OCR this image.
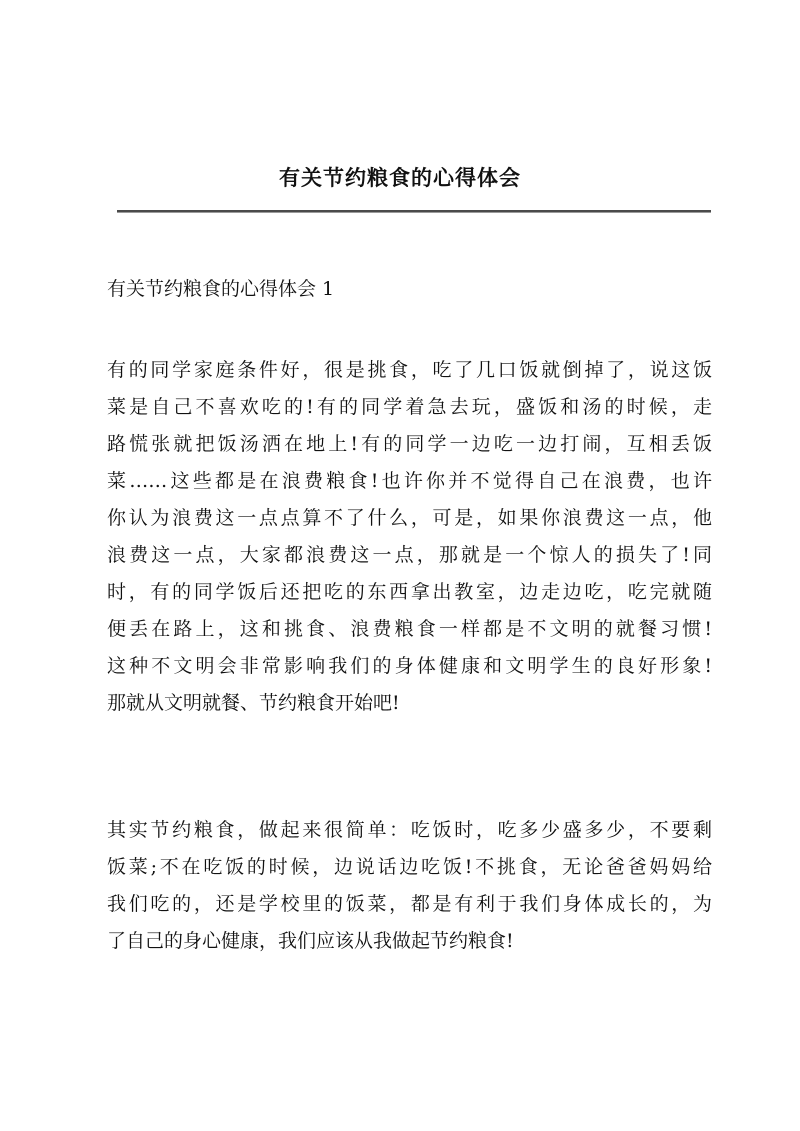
有关节约粮食的心得体会
有关节约粮食的心得体会 1

有的同学家庭条件好，很是挑食，吃了几口饭就倒掉了，说这饭
菜是自己不喜欢吃的!有的同学着急去玩，盛饭和汤的时候，走
路慌张就把饭汤洒在地上!有的同学一边吃一边打闹，互相丢饭
菜……这些都是在浪费粮食!也许你并不觉得自己在浪费，也许
你认为浪费这一点点算不了什么，可是，如果你浪费这一点，他
浪费这一点，大家都浪费这一点，那就是一个惊人的损失了!同
时，有的同学饭后还把吃的东西拿出教室，边走边吃，吃完就随
便丢在路上，这和挑食、浪费粮食一样都是不文明的就餐习惯!
这种不文明会非常影响我们的身体健康和文明学生的良好形象!
那就从文明就餐、节约粮食开始吧!

其实节约粮食，做起来很简单：吃饭时，吃多少盛多少，不要剩
饭菜;不在吃饭的时候，边说话边吃饭!不挑食，无论爸爸妈妈给
我们吃的，还是学校里的饭菜，都是有利于我们身体成长的，为
了自己的身心健康，我们应该从我做起节约粮食!
